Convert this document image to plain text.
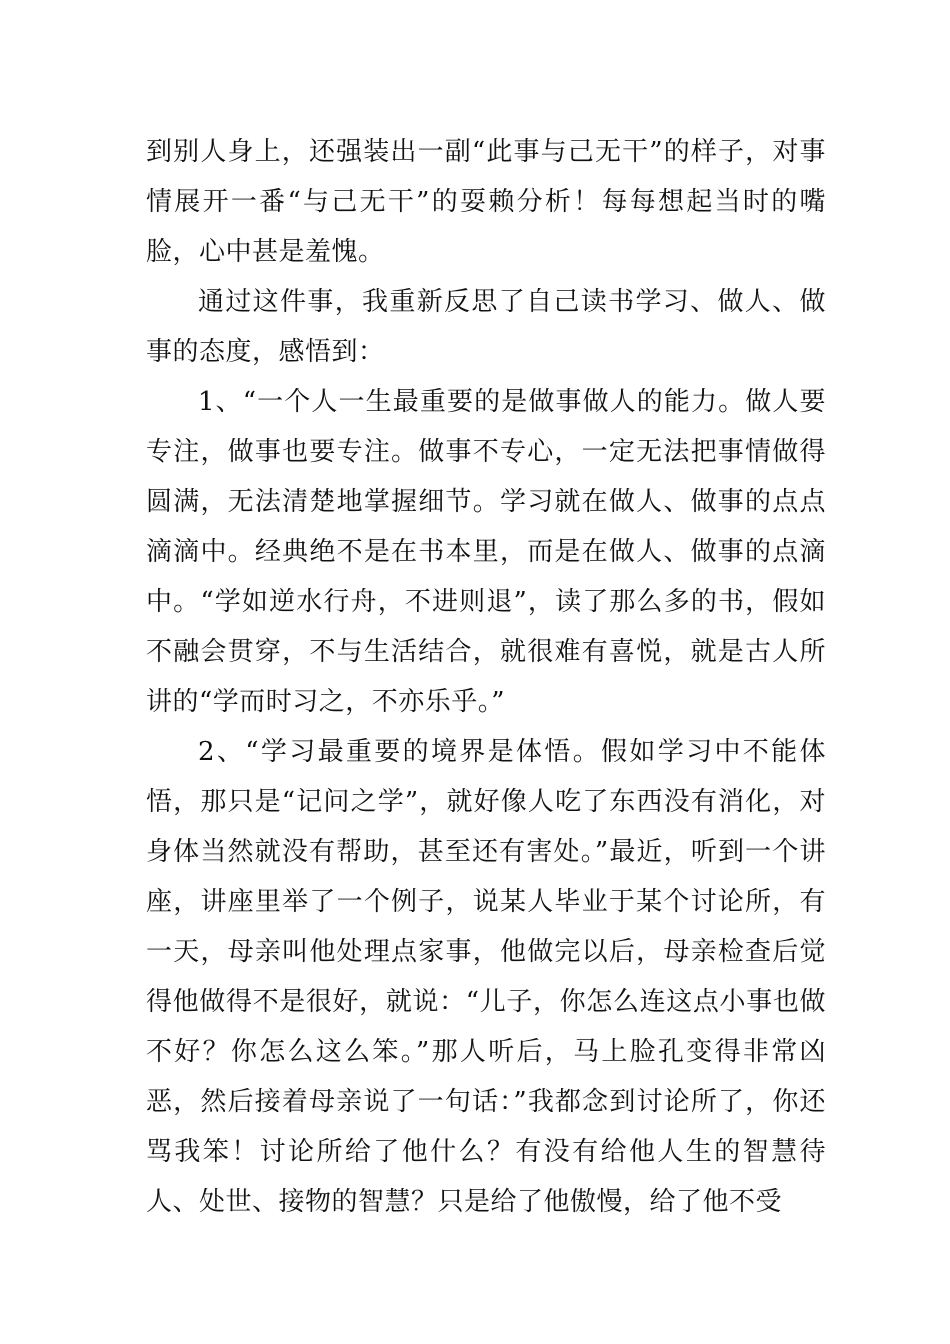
到别人身上，还强装出一副“此事与己无干”的样子，对事情展开一番“与己无干”的耍赖分析！每每想起当时的嘴脸，心中甚是羞愧。

通过这件事，我重新反思了自己读书学习、做人、做事的态度，感悟到：

1、“一个人一生最重要的是做事做人的能力。做人要专注，做事也要专注。做事不专心，一定无法把事情做得圆满，无法清楚地掌握细节。学习就在做人、做事的点点滴滴中。经典绝不是在书本里，而是在做人、做事的点滴中。“学如逆水行舟，不进则退”，读了那么多的书，假如不融会贯穿，不与生活结合，就很难有喜悦，就是古人所讲的“学而时习之，不亦乐乎。”

2、“学习最重要的境界是体悟。假如学习中不能体悟，那只是“记问之学”，就好像人吃了东西没有消化，对身体当然就没有帮助，甚至还有害处。”最近，听到一个讲座，讲座里举了一个例子，说某人毕业于某个讨论所，有一天，母亲叫他处理点家事，他做完以后，母亲检查后觉得他做得不是很好，就说：“儿子，你怎么连这点小事也做不好？你怎么这么笨。”那人听后，马上脸孔变得非常凶恶，然后接着母亲说了一句话：”我都念到讨论所了，你还骂我笨！讨论所给了他什么？有没有给他人生的智慧待人、处世、接物的智慧？只是给了他傲慢，给了他不受
